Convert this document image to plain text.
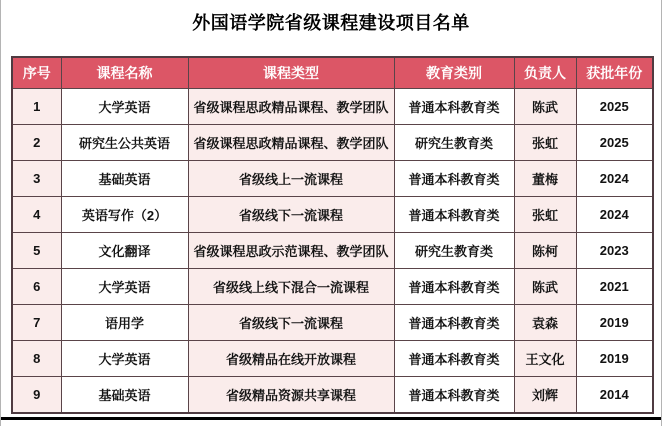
外国语学院省级课程建设项目名单
序号	课程名称	课程类型	教育类别	负责人	获批年份
1	大学英语	省级课程思政精品课程、教学团队	普通本科教育类	陈武	2025
2	研究生公共英语	省级课程思政精品课程、教学团队	研究生教育类	张虹	2025
3	基础英语	省级线上一流课程	普通本科教育类	董梅	2024
4	英语写作（2）	省级线下一流课程	普通本科教育类	张虹	2024
5	文化翻译	省级课程思政示范课程、教学团队	研究生教育类	陈柯	2023
6	大学英语	省级线上线下混合一流课程	普通本科教育类	陈武	2021
7	语用学	省级线下一流课程	普通本科教育类	袁森	2019
8	大学英语	省级精品在线开放课程	普通本科教育类	王文化	2019
9	基础英语	省级精品资源共享课程	普通本科教育类	刘辉	2014
